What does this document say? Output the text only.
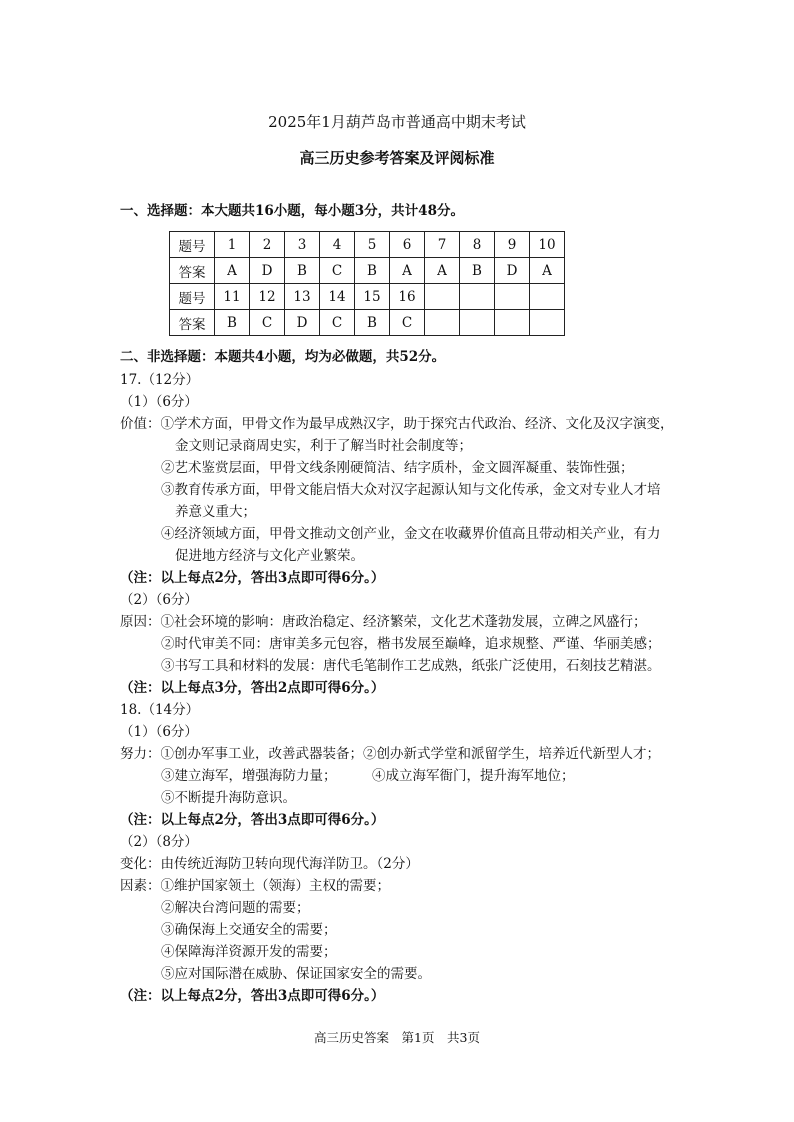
2025年1月葫芦岛市普通高中期末考试
高三历史参考答案及评阅标准
一、选择题：本大题共16小题，每小题3分，共计48分。
题号	1	2	3	4	5	6	7	8	9	10
答案	A	D	B	C	B	A	A	B	D	A
题号	11	12	13	14	15	16				
答案	B	C	D	C	B	C				
二、非选择题：本题共4小题，均为必做题，共52分。
17.（12分）
（1）（6分）
价值：①学术方面，甲骨文作为最早成熟汉字，助于探究古代政治、经济、文化及汉字演变，
金文则记录商周史实，利于了解当时社会制度等；
②艺术鉴赏层面，甲骨文线条刚硬简洁、结字质朴，金文圆浑凝重、装饰性强；
③教育传承方面，甲骨文能启悟大众对汉字起源认知与文化传承，金文对专业人才培
养意义重大；
④经济领域方面，甲骨文推动文创产业，金文在收藏界价值高且带动相关产业，有力
促进地方经济与文化产业繁荣。
（注：以上每点2分，答出3点即可得6分。）
（2）（6分）
原因：①社会环境的影响：唐政治稳定、经济繁荣，文化艺术蓬勃发展，立碑之风盛行；
②时代审美不同：唐审美多元包容，楷书发展至巅峰，追求规整、严谨、华丽美感；
③书写工具和材料的发展：唐代毛笔制作工艺成熟，纸张广泛使用，石刻技艺精湛。
（注：以上每点3分，答出2点即可得6分。）
18.（14分）
（1）（6分）
努力：①创办军事工业，改善武器装备；②创办新式学堂和派留学生，培养近代新型人才；
③建立海军，增强海防力量；	④成立海军衙门，提升海军地位；
⑤不断提升海防意识。
（注：以上每点2分，答出3点即可得6分。）
（2）（8分）
变化：由传统近海防卫转向现代海洋防卫。（2分）
因素：①维护国家领土（领海）主权的需要；
②解决台湾问题的需要；
③确保海上交通安全的需要；
④保障海洋资源开发的需要；
⑤应对国际潜在威胁、保证国家安全的需要。
（注：以上每点2分，答出3点即可得6分。）
高三历史答案　第1页　共3页
